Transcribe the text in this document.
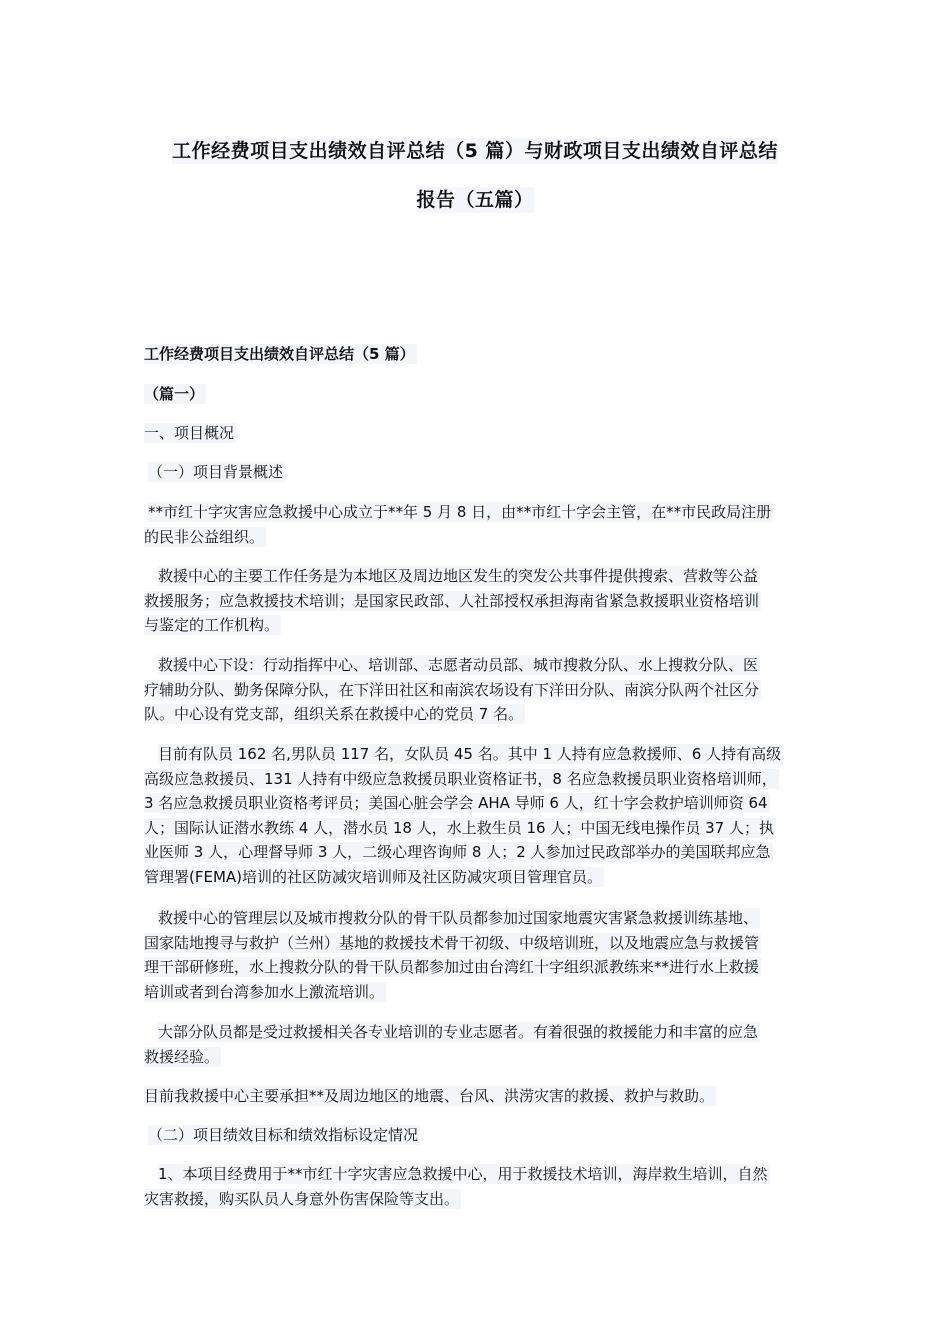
工作经费项目支出绩效自评总结（5 篇）与财政项目支出绩效自评总结
报告（五篇）
工作经费项目支出绩效自评总结（5 篇）
（篇一）
一、项目概况
（一）项目背景概述
**市红十字灾害应急救援中心成立于**年 5 月 8 日，由**市红十字会主管，在**市民政局注册
的民非公益组织。
救援中心的主要工作任务是为本地区及周边地区发生的突发公共事件提供搜索、营救等公益
救援服务；应急救援技术培训；是国家民政部、人社部授权承担海南省紧急救援职业资格培训
与鉴定的工作机构。
救援中心下设：行动指挥中心、培训部、志愿者动员部、城市搜救分队、水上搜救分队、医
疗辅助分队、勤务保障分队，在下洋田社区和南滨农场设有下洋田分队、南滨分队两个社区分
队。中心设有党支部，组织关系在救援中心的党员 7 名。
目前有队员 162 名,男队员 117 名，女队员 45 名。其中 1 人持有应急救援师、6 人持有高级
高级应急救援员、131 人持有中级应急救援员职业资格证书，8 名应急救援员职业资格培训师，
3 名应急救援员职业资格考评员；美国心脏会学会 AHA 导师 6 人，红十字会救护培训师资 64
人；国际认证潜水教练 4 人，潜水员 18 人，水上救生员 16 人；中国无线电操作员 37 人；执
业医师 3 人，心理督导师 3 人，二级心理咨询师 8 人；2 人参加过民政部举办的美国联邦应急
管理署(FEMA)培训的社区防减灾培训师及社区防减灾项目管理官员。
救援中心的管理层以及城市搜救分队的骨干队员都参加过国家地震灾害紧急救援训练基地、
国家陆地搜寻与救护（兰州）基地的救援技术骨干初级、中级培训班，以及地震应急与救援管
理干部研修班，水上搜救分队的骨干队员都参加过由台湾红十字组织派教练来**进行水上救援
培训或者到台湾参加水上激流培训。
大部分队员都是受过救援相关各专业培训的专业志愿者。有着很强的救援能力和丰富的应急
救援经验。
目前我救援中心主要承担**及周边地区的地震、台风、洪涝灾害的救援、救护与救助。
（二）项目绩效目标和绩效指标设定情况
1、本项目经费用于**市红十字灾害应急救援中心，用于救援技术培训，海岸救生培训，自然
灾害救援，购买队员人身意外伤害保险等支出。
